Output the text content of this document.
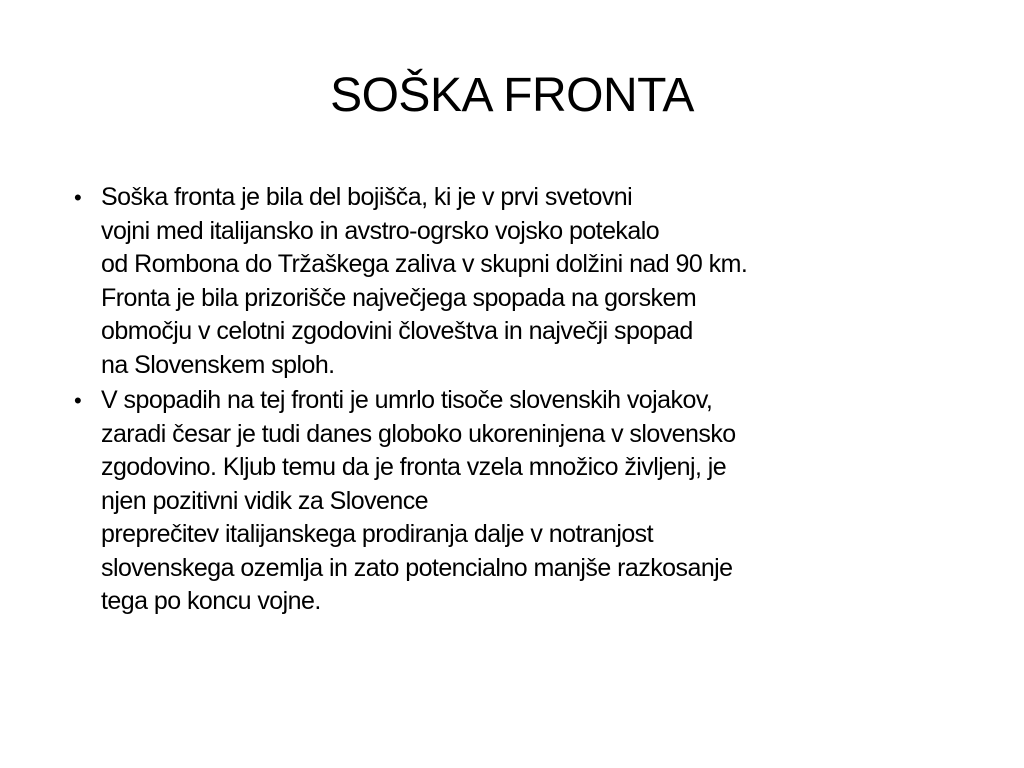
SOŠKA FRONTA
• Soška fronta je bila del bojišča, ki je v prvi svetovni
vojni med italijansko in avstro-ogrsko vojsko potekalo
od Rombona do Tržaškega zaliva v skupni dolžini nad 90 km.
Fronta je bila prizorišče največjega spopada na gorskem
območju v celotni zgodovini človeštva in največji spopad
na Slovenskem sploh.
• V spopadih na tej fronti je umrlo tisoče slovenskih vojakov,
zaradi česar je tudi danes globoko ukoreninjena v slovensko
zgodovino. Kljub temu da je fronta vzela množico življenj, je
njen pozitivni vidik za Slovence
preprečitev italijanskega prodiranja dalje v notranjost
slovenskega ozemlja in zato potencialno manjše razkosanje
tega po koncu vojne.
